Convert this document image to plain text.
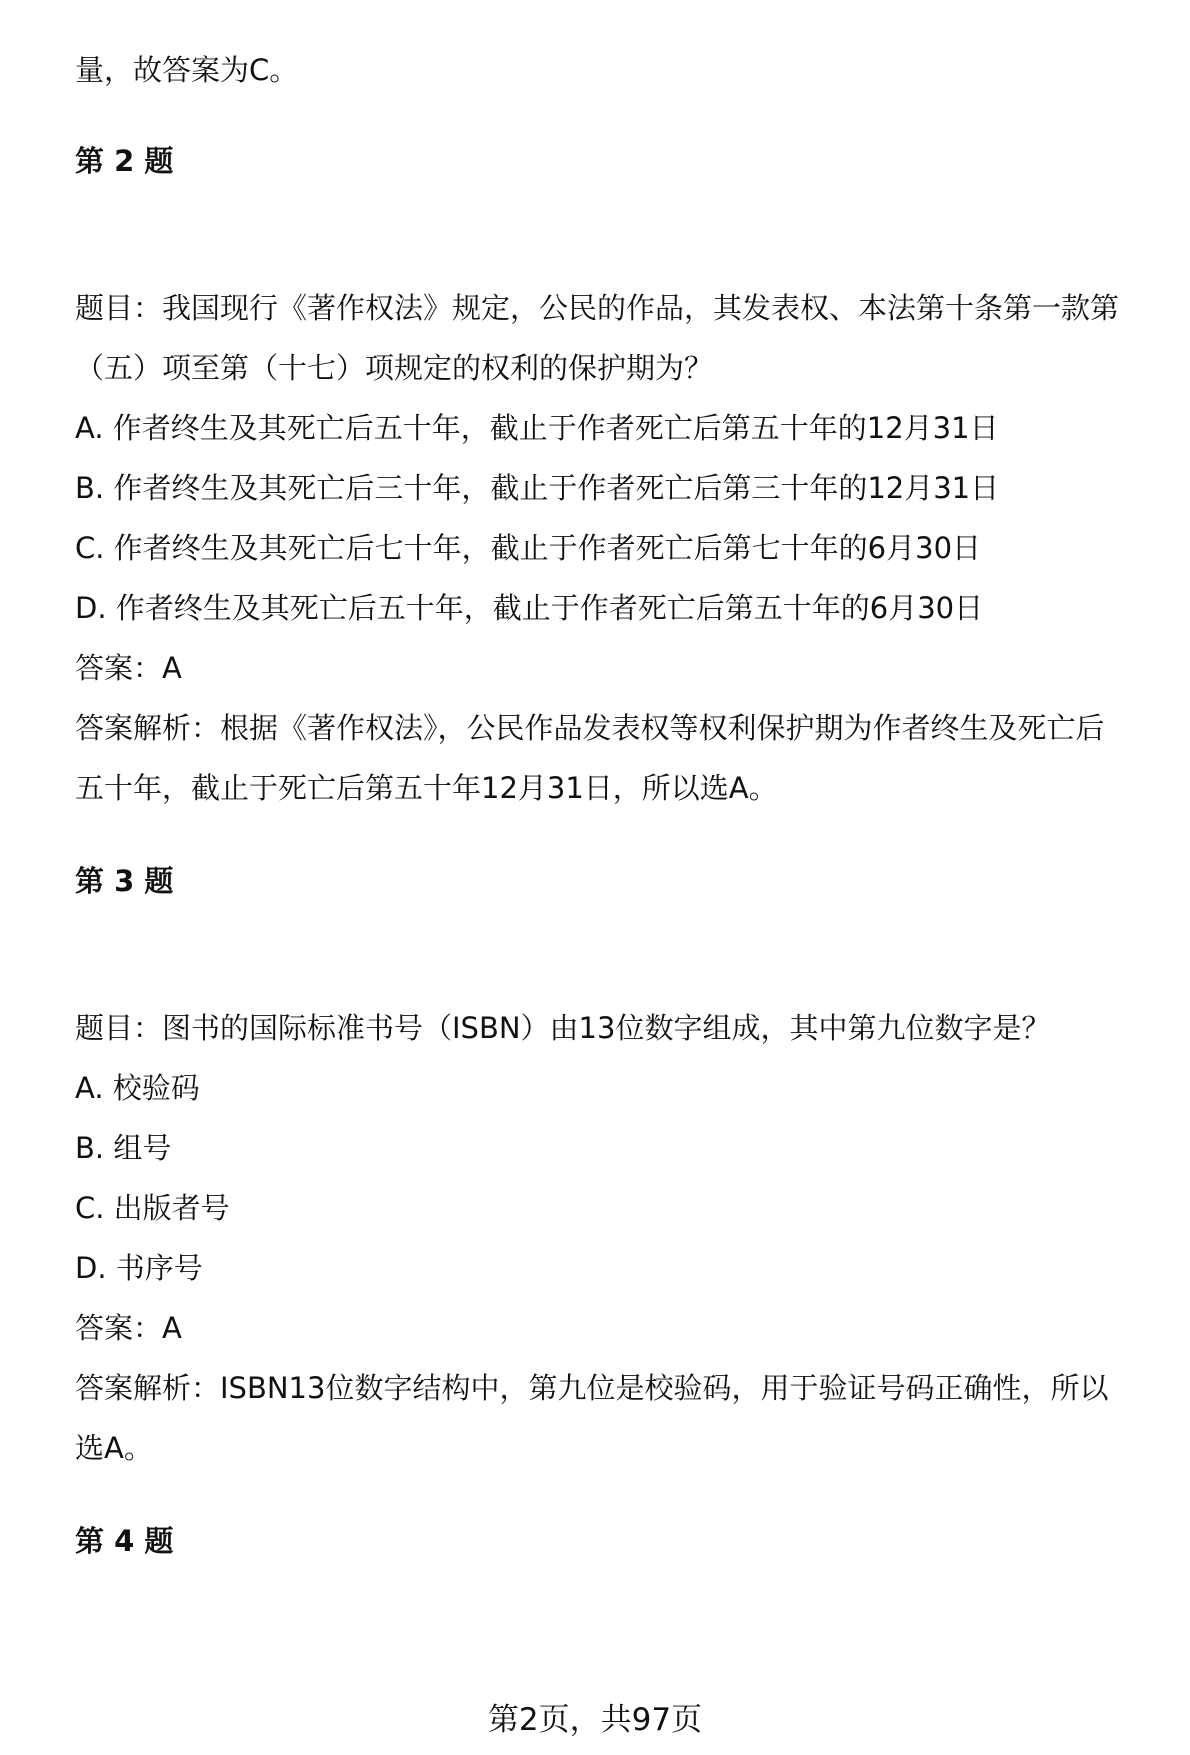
量，故答案为C。
第 2 题
题目：我国现行《著作权法》规定，公民的作品，其发表权、本法第十条第一款第
（五）项至第（十七）项规定的权利的保护期为？
A. 作者终生及其死亡后五十年，截止于作者死亡后第五十年的12月31日
B. 作者终生及其死亡后三十年，截止于作者死亡后第三十年的12月31日
C. 作者终生及其死亡后七十年，截止于作者死亡后第七十年的6月30日
D. 作者终生及其死亡后五十年，截止于作者死亡后第五十年的6月30日
答案：A
答案解析：根据《著作权法》，公民作品发表权等权利保护期为作者终生及死亡后
五十年，截止于死亡后第五十年12月31日，所以选A。
第 3 题
题目：图书的国际标准书号（ISBN）由13位数字组成，其中第九位数字是？
A. 校验码
B. 组号
C. 出版者号
D. 书序号
答案：A
答案解析：ISBN13位数字结构中，第九位是校验码，用于验证号码正确性，所以
选A。
第 4 题
第2页，共97页
